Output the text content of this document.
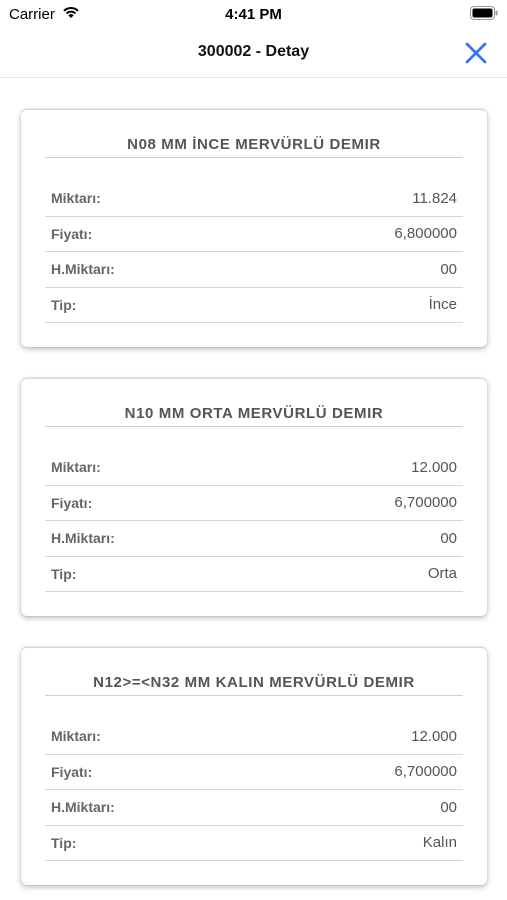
Carrier	4:41 PM
300002 - Detay
N08 MM İNCE MERVÜRLÜ DEMIR
Miktarı:	11.824
Fiyatı:	6,800000
H.Miktarı:	00
Tip:	İnce
N10 MM ORTA MERVÜRLÜ DEMIR
Miktarı:	12.000
Fiyatı:	6,700000
H.Miktarı:	00
Tip:	Orta
N12>=<N32 MM KALIN MERVÜRLÜ DEMIR
Miktarı:	12.000
Fiyatı:	6,700000
H.Miktarı:	00
Tip:	Kalın
